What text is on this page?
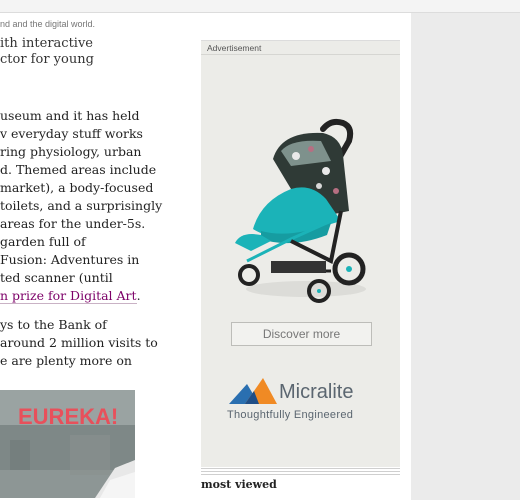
nd and the digital world.
ith interactive
ctor for young
useum and it has held
v everyday stuff works
ring physiology, urban
d. Themed areas include
market), a body-focused
toilets, and a surprisingly
areas for the under-5s.
garden full of
Fusion: Adventures in
ted scanner (until
n prize for Digital Art.
ys to the Bank of
around 2 million visits to
e are plenty more on
EUREKA!
Advertisement
Discover more
Micralite
Thoughtfully Engineered
most viewed
